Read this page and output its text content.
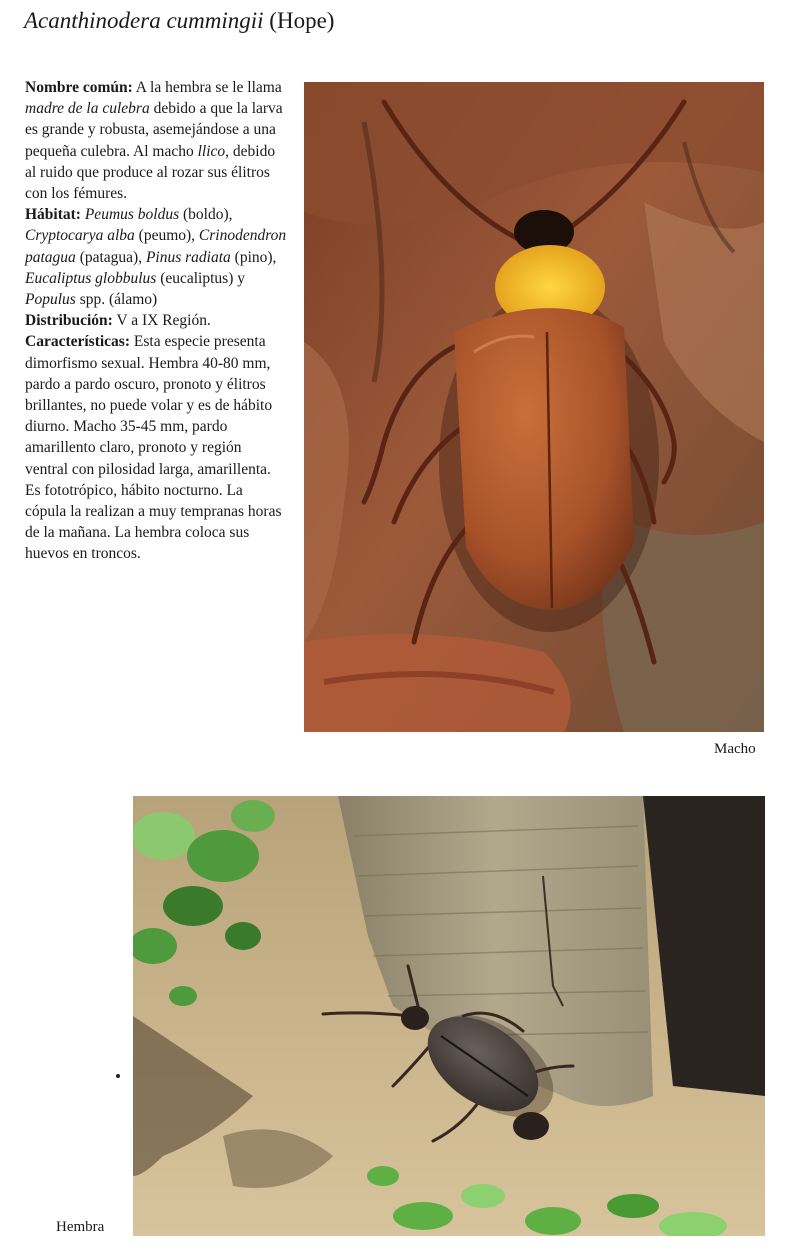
Acanthinodera cummingii (Hope)
Nombre común: A la hembra se le llama madre de la culebra debido a que la larva es grande y robusta, asemejándose a una pequeña culebra. Al macho llico, debido al ruido que produce al rozar sus élitros con los fémures.
Hábitat: Peumus boldus (boldo), Cryptocarya alba (peumo), Crinodendron patagua (patagua), Pinus radiata (pino), Eucaliptus globbulus (eucaliptus) y Populus spp. (álamo)
Distribución: V a IX Región.
Características: Esta especie presenta dimorfismo sexual. Hembra 40-80 mm, pardo a pardo oscuro, pronoto y élitros brillantes, no puede volar y es de hábito diurno. Macho 35-45 mm, pardo amarillento claro, pronoto y región ventral con pilosidad larga, amarillenta. Es fototrópico, hábito nocturno. La cópula la realizan a muy tempranas horas de la mañana. La hembra coloca sus huevos en troncos.
Macho
Hembra
